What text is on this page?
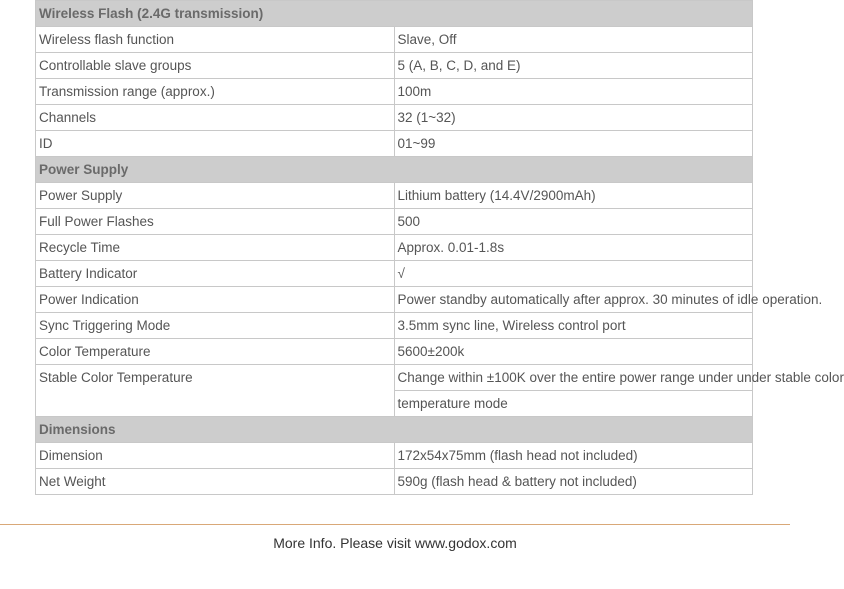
Wireless Flash (2.4G transmission)	
Wireless flash function	Slave, Off
Controllable slave groups	5 (A, B, C, D, and E)
Transmission range (approx.)	100m
Channels	32 (1~32)
ID	01~99
Power Supply	
Power Supply	Lithium battery (14.4V/2900mAh)
Full Power Flashes	500
Recycle Time	Approx. 0.01-1.8s
Battery Indicator	√
Power Indication	Power standby automatically after approx. 30 minutes of idle operation.
Sync Triggering Mode	3.5mm sync line, Wireless control port
Color Temperature	5600±200k
Stable Color Temperature	Change within ±100K over the entire power range under under stable color
temperature mode

Dimensions	
Dimension	172x54x75mm (flash head not included)
Net Weight	590g (flash head & battery not included)
More Info. Please visit www.godox.com
